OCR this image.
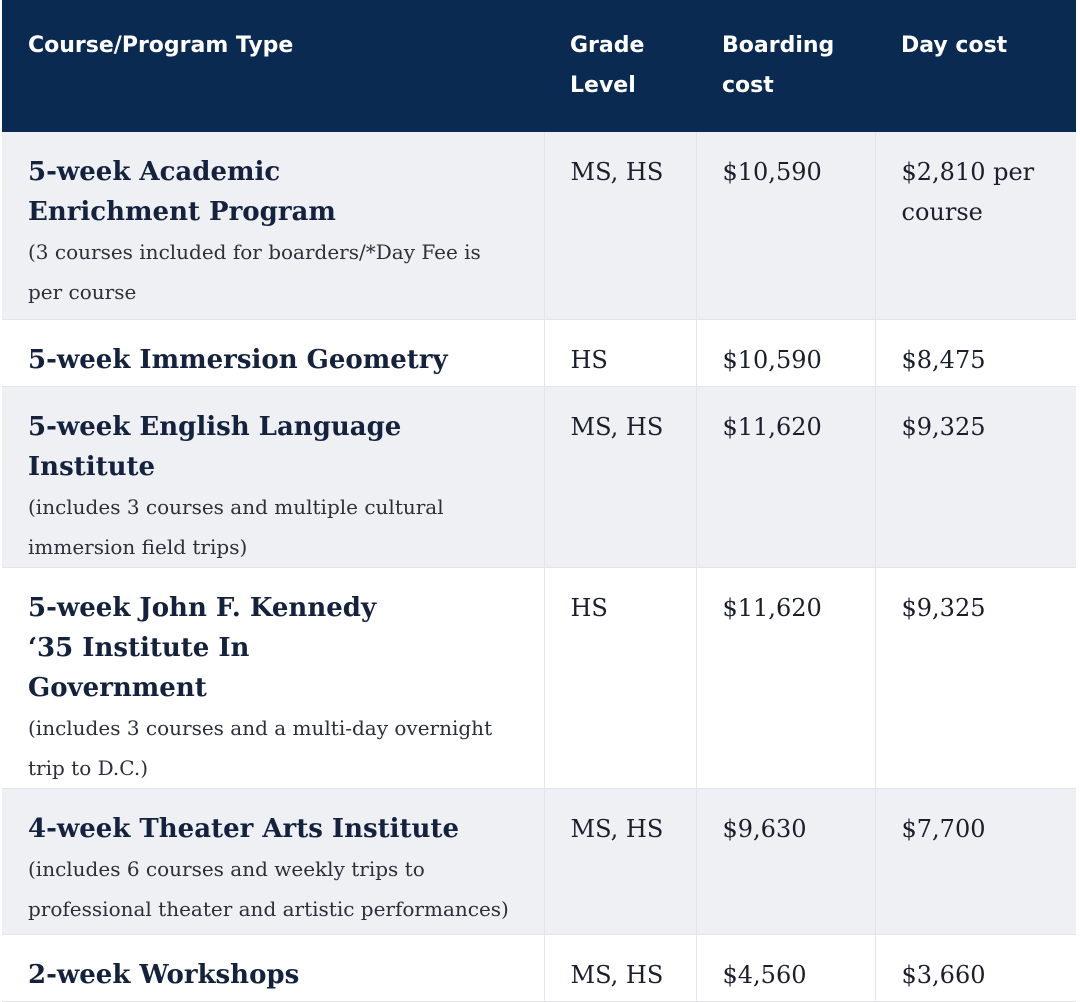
Course/Program Type	Grade Level	Boarding cost	Day cost

5-week Academic Enrichment Program
(3 courses included for boarders/*Day Fee is per course	MS, HS	$10,590	$2,810 per course

5-week Immersion Geometry	HS	$10,590	$8,475

5-week English Language Institute
(includes 3 courses and multiple cultural immersion field trips)	MS, HS	$11,620	$9,325

5-week John F. Kennedy ‘35 Institute In Government
(includes 3 courses and a multi-day overnight trip to D.C.)	HS	$11,620	$9,325

4-week Theater Arts Institute
(includes 6 courses and weekly trips to professional theater and artistic performances)	MS, HS	$9,630	$7,700

2-week Workshops	MS, HS	$4,560	$3,660
